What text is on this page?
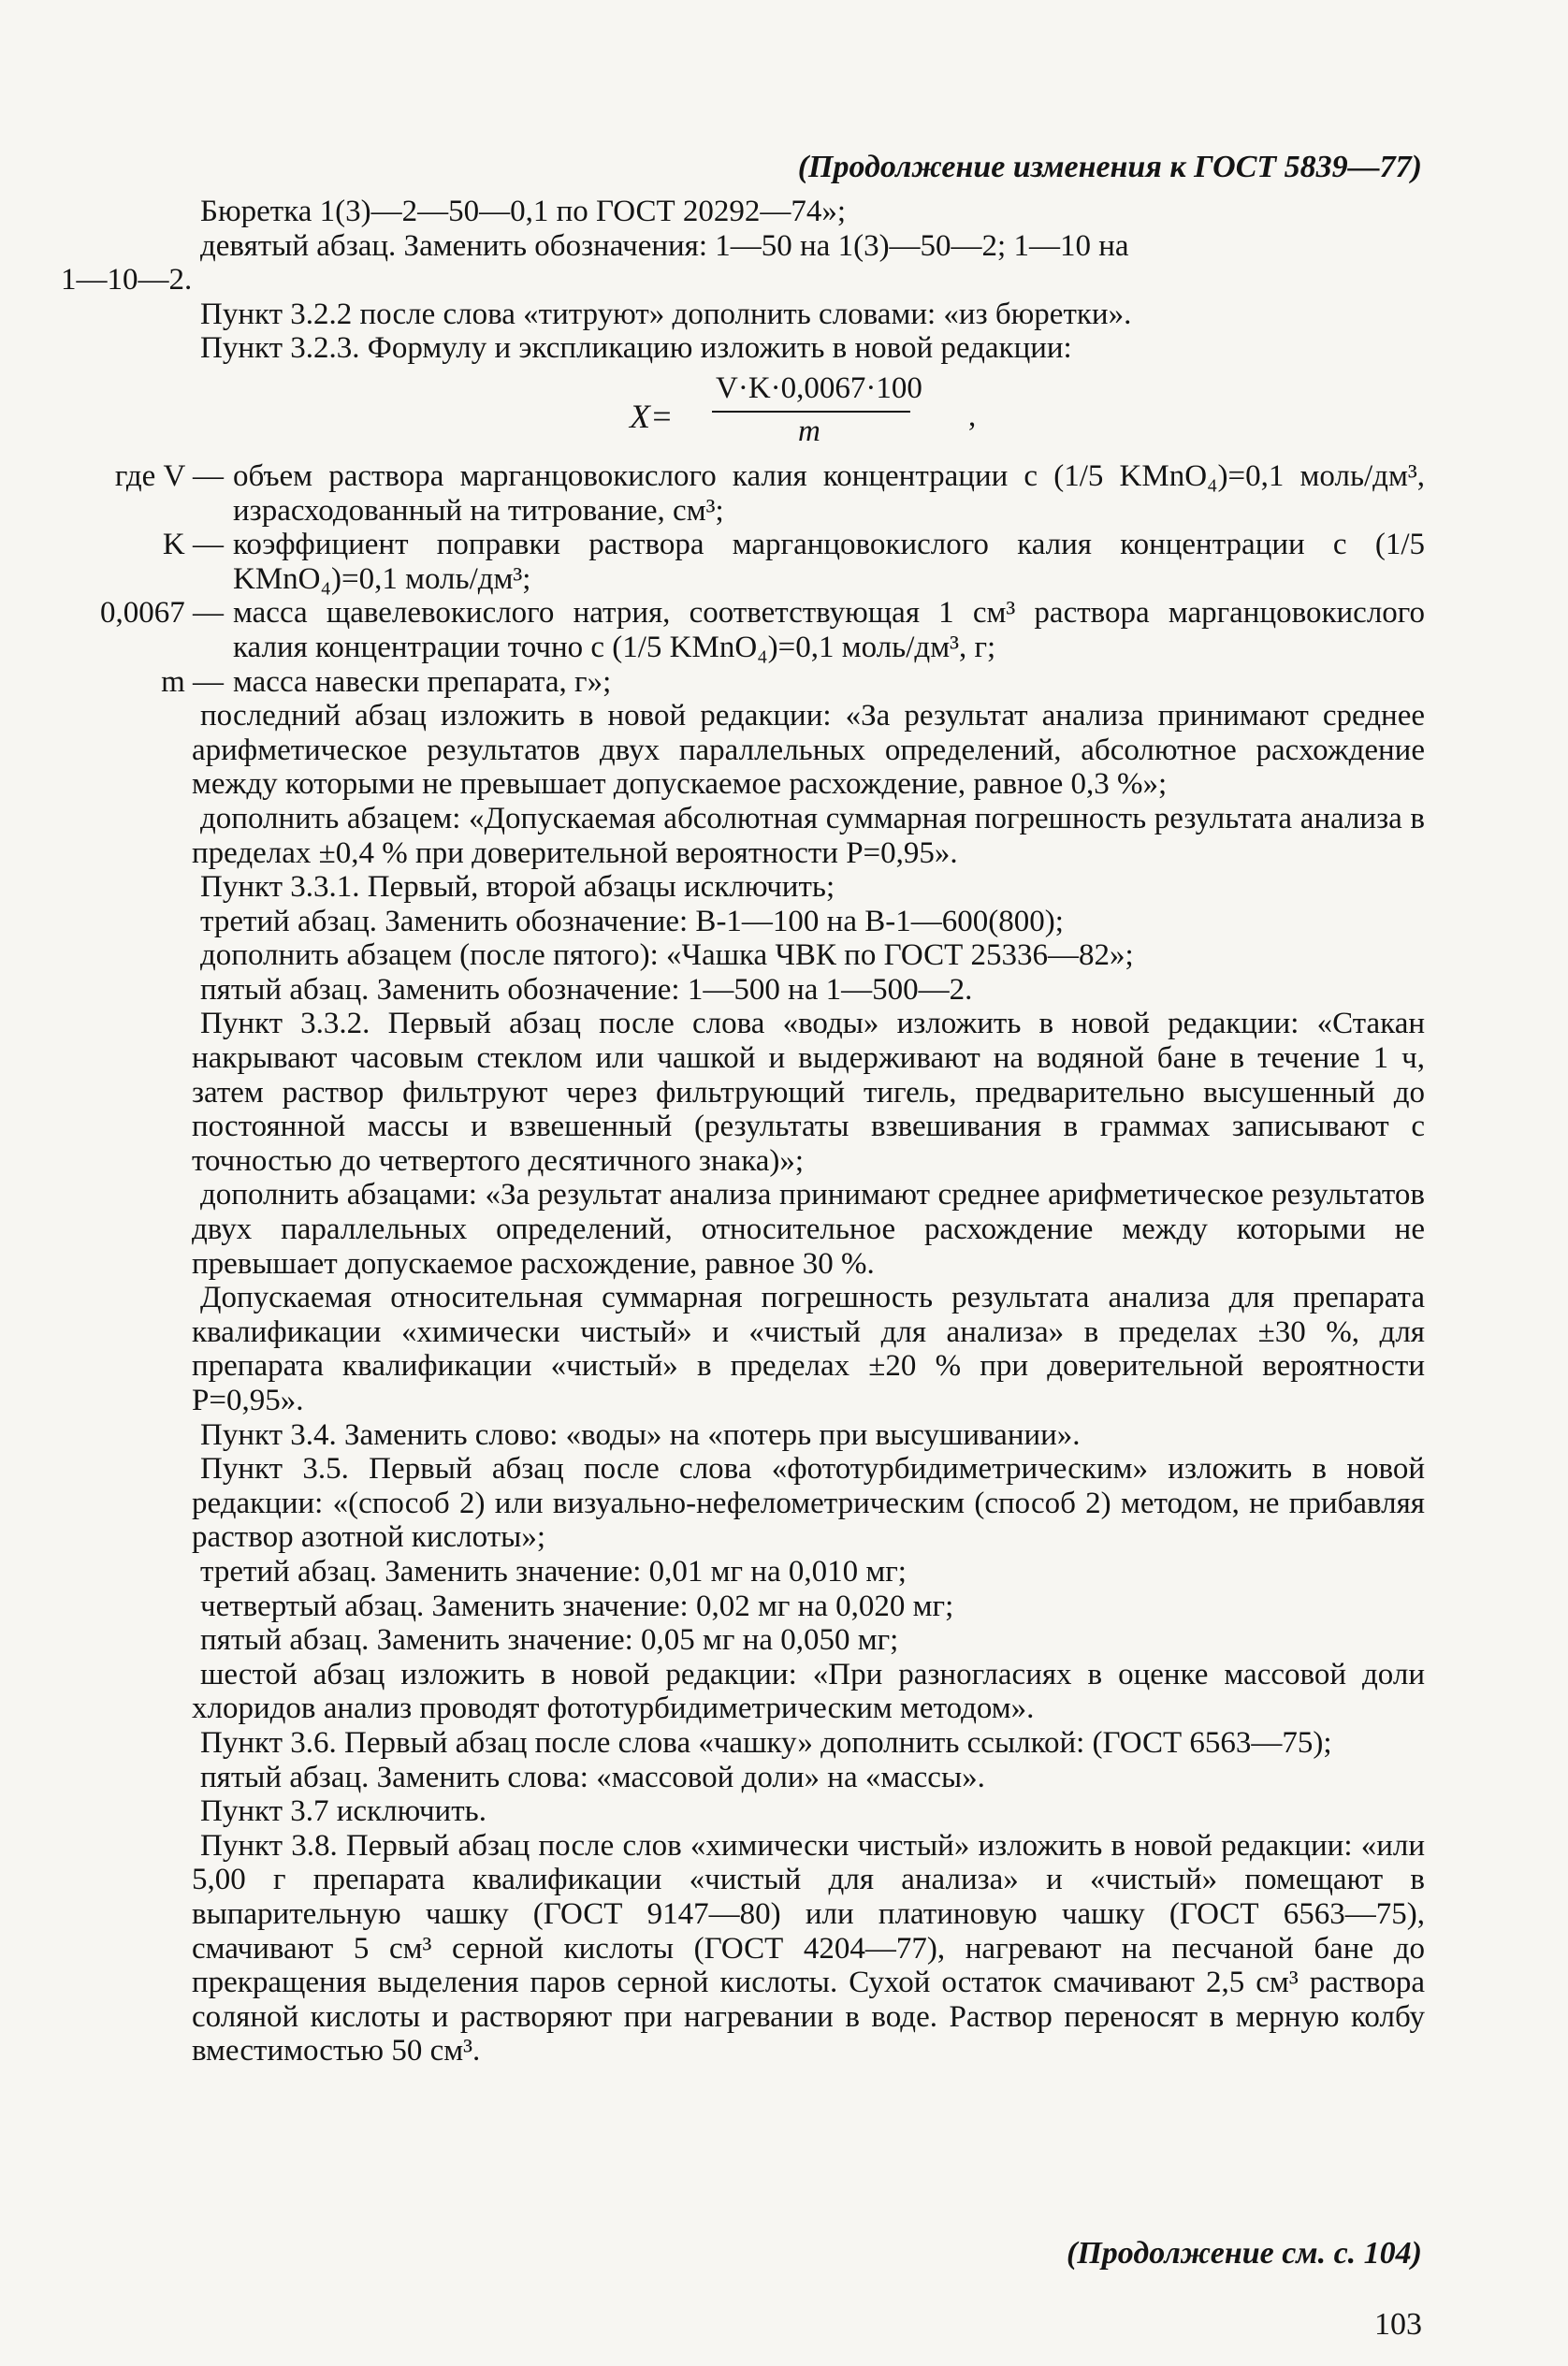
(Продолжение изменения к ГОСТ 5839—77)
Бюретка 1(3)—2—50—0,1 по ГОСТ 20292—74»;
девятый абзац. Заменить обозначения: 1—50 на 1(3)—50—2; 1—10 на
1—10—2.
Пункт 3.2.2 после слова «титруют» дополнить словами: «из бюретки».
Пункт 3.2.3. Формулу и экспликацию изложить в новой редакции:
X=
V·K·0,0067·100
m	,
где V — объем раствора марганцовокислого калия концентрации c (1/5 KMnO₄)=0,1 моль/дм³, израсходованный на титрование, см³;
K — коэффициент поправки раствора марганцовокислого калия концентрации c (1/5 KMnO₄)=0,1 моль/дм³;
0,0067 — масса щавелевокислого натрия, соответствующая 1 см³ раствора марганцовокислого калия концентрации точно c (1/5 KMnO₄)=0,1 моль/дм³, г;
m — масса навески препарата, г»;
последний абзац изложить в новой редакции: «За результат анализа принимают среднее арифметическое результатов двух параллельных определений, абсолютное расхождение между которыми не превышает допускаемое расхождение, равное 0,3 %»;
дополнить абзацем: «Допускаемая абсолютная суммарная погрешность результата анализа в пределах ±0,4 % при доверительной вероятности P=0,95».
Пункт 3.3.1. Первый, второй абзацы исключить;
третий абзац. Заменить обозначение: В-1—100 на В-1—600(800);
дополнить абзацем (после пятого): «Чашка ЧВК по ГОСТ 25336—82»;
пятый абзац. Заменить обозначение: 1—500 на 1—500—2.
Пункт 3.3.2. Первый абзац после слова «воды» изложить в новой редакции: «Стакан накрывают часовым стеклом или чашкой и выдерживают на водяной бане в течение 1 ч, затем раствор фильтруют через фильтрующий тигель, предварительно высушенный до постоянной массы и взвешенный (результаты взвешивания в граммах записывают с точностью до четвертого десятичного знака)»;
дополнить абзацами: «За результат анализа принимают среднее арифметическое результатов двух параллельных определений, относительное расхождение между которыми не превышает допускаемое расхождение, равное 30 %.
Допускаемая относительная суммарная погрешность результата анализа для препарата квалификации «химически чистый» и «чистый для анализа» в пределах ±30 %, для препарата квалификации «чистый» в пределах ±20 % при доверительной вероятности P=0,95».
Пункт 3.4. Заменить слово: «воды» на «потерь при высушивании».
Пункт 3.5. Первый абзац после слова «фототурбидиметрическим» изложить в новой редакции: «(способ 2) или визуально-нефелометрическим (способ 2) методом, не прибавляя раствор азотной кислоты»;
третий абзац. Заменить значение: 0,01 мг на 0,010 мг;
четвертый абзац. Заменить значение: 0,02 мг на 0,020 мг;
пятый абзац. Заменить значение: 0,05 мг на 0,050 мг;
шестой абзац изложить в новой редакции: «При разногласиях в оценке массовой доли хлоридов анализ проводят фототурбидиметрическим методом».
Пункт 3.6. Первый абзац после слова «чашку» дополнить ссылкой: (ГОСТ 6563—75);
пятый абзац. Заменить слова: «массовой доли» на «массы».
Пункт 3.7 исключить.
Пункт 3.8. Первый абзац после слов «химически чистый» изложить в новой редакции: «или 5,00 г препарата квалификации «чистый для анализа» и «чистый» помещают в выпарительную чашку (ГОСТ 9147—80) или платиновую чашку (ГОСТ 6563—75), смачивают 5 см³ серной кислоты (ГОСТ 4204—77), нагревают на песчаной бане до прекращения выделения паров серной кислоты. Сухой остаток смачивают 2,5 см³ раствора соляной кислоты и растворяют при нагревании в воде. Раствор переносят в мерную колбу вместимостью 50 см³.
(Продолжение см. с. 104)
103
